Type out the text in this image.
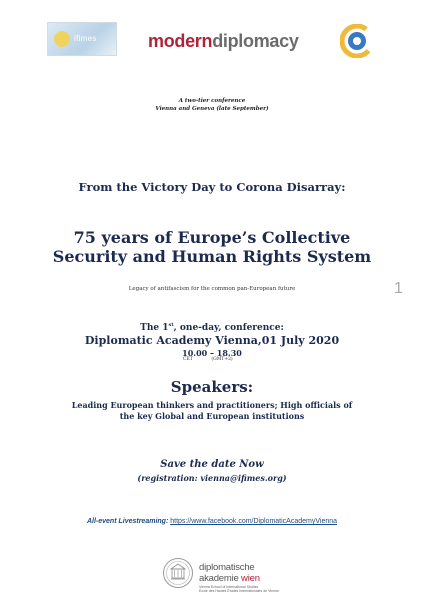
ifimes	moderndiplomacy
A two-tier conference
Vienna and Geneva (late September)
From the Victory Day to Corona Disarray:
75 years of Europe’s Collective
Security and Human Rights System
Legacy of antifascism for the common pan-European future	1
The 1st, one-day, conference:
Diplomatic Academy Vienna,01 July 2020
10.00 – 18.30
CET	(GMT+2)
Speakers:
Leading European thinkers and practitioners; High officials of
the key Global and European institutions
Save the date Now
(registration: vienna@ifimes.org)
All-event Livestreaming: https://www.facebook.com/DiplomaticAcademyVienna
diplomatische
akademie wien
Vienna School of International Studies
École des Hautes Études Internationales de Vienne
